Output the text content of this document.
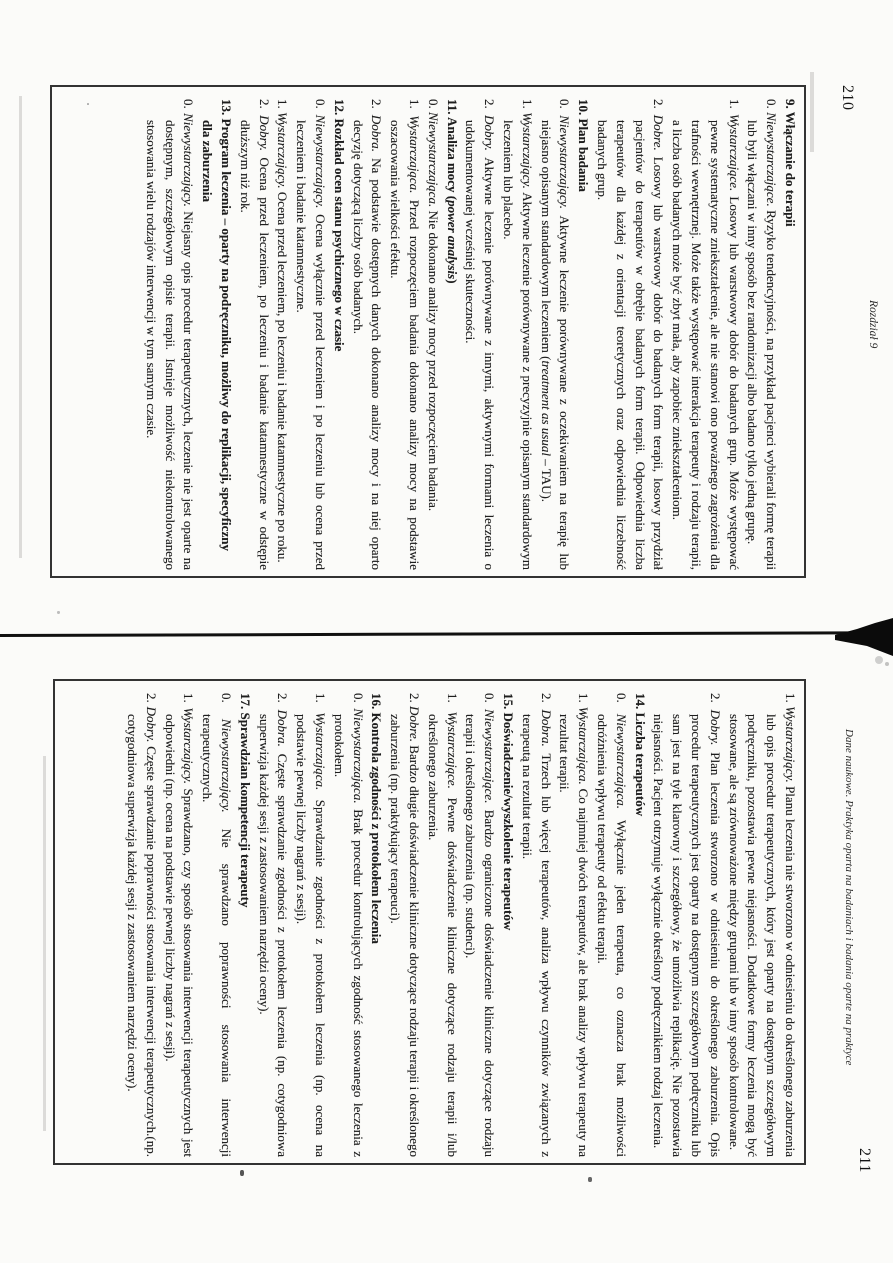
210
Rozdział 9
9. Włączanie do terapii
0. Niewystarczające. Ryzyko tendencyjności, na przykład pacjenci wybierali formę terapii lub byli włączani w inny sposób bez randomizacji albo badano tylko jedną grupę.
1. Wystarczające. Losowy lub warstwowy dobór do badanych grup. Może występować pewne systematyczne zniekształcenie, ale nie stanowi ono poważnego zagrożenia dla trafności wewnętrznej. Może także występować interakcja terapeuty i rodzaju terapii, a liczba osób badanych może być zbyt mała, aby zapobiec zniekształceniom.
2. Dobre. Losowy lub warstwowy dobór do badanych form terapii, losowy przydział pacjentów do terapeutów w obrębie badanych form terapii. Odpowiednia liczba terapeutów dla każdej z orientacji teoretycznych oraz odpowiednia liczebność badanych grup.
10. Plan badania
0. Niewystarczający. Aktywne leczenie porównywane z oczekiwaniem na terapię lub niejasno opisanym standardowym leczeniem (treatment as usual – TAU).
1. Wystarczający. Aktywne leczenie porównywane z precyzyjnie opisanym standardowym leczeniem lub placebo.
2. Dobry. Aktywne leczenie porównywane z innymi, aktywnymi formami leczenia o udokumentowanej wcześniej skuteczności.
11. Analiza mocy (power analysis)
0. Niewystarczająca. Nie dokonano analizy mocy przed rozpoczęciem badania.
1. Wystarczająca. Przed rozpoczęciem badania dokonano analizy mocy na podstawie oszacowania wielkości efektu.
2. Dobra. Na podstawie dostępnych danych dokonano analizy mocy i na niej oparto decyzję dotyczącą liczby osób badanych.
12. Rozkład ocen stanu psychicznego w czasie
0. Niewystarczający. Ocena wyłącznie przed leczeniem i po leczeniu lub ocena przed leczeniem i badanie katamnestyczne.
1. Wystarczający. Ocena przed leczeniem, po leczeniu i badanie katamnestyczne po roku.
2. Dobry. Ocena przed leczeniem, po leczeniu i badanie katamnestyczne w odstępie dłuższym niż rok.
13. Program leczenia – oparty na podręczniku, możliwy do replikacji, specyficzny dla zaburzenia
0. Niewystarczający. Niejasny opis procedur terapeutycznych, leczenie nie jest oparte na dostępnym, szczegółowym opisie terapii. Istnieje możliwość niekontrolowanego stosowania wielu rodzajów interwencji w tym samym czasie.
Dane naukowe. Praktyka oparta na badaniach i badania oparte na praktyce
211
1. Wystarczający. Planu leczenia nie stworzono w odniesieniu do określonego zaburzenia lub opis procedur terapeutycznych, który jest oparty na dostępnym szczegółowym podręczniku, pozostawia pewne niejasności. Dodatkowe formy leczenia mogą być stosowane, ale są zrównoważone między grupami lub w inny sposób kontrolowane.
2. Dobry. Plan leczenia stworzono w odniesieniu do określonego zaburzenia. Opis procedur terapeutycznych jest oparty na dostępnym szczegółowym podręczniku lub sam jest na tyle klarowny i szczegółowy, że umożliwia replikację. Nie pozostawia niejasności. Pacjent otrzymuje wyłącznie określony podręcznikiem rodzaj leczenia.
14. Liczba terapeutów
0. Niewystarczająca. Wyłącznie jeden terapeuta, co oznacza brak możliwości odróżnienia wpływu terapeuty od efektu terapii.
1. Wystarczająca. Co najmniej dwóch terapeutów, ale brak analizy wpływu terapeuty na rezultat terapii.
2. Dobra. Trzech lub więcej terapeutów, analiza wpływu czynników związanych z terapeutą na rezultat terapii.
15. Doświadczenie/wyszkolenie terapeutów
0. Niewystarczające. Bardzo ograniczone doświadczenie kliniczne dotyczące rodzaju terapii i określonego zaburzenia (np. studenci).
1. Wystarczające. Pewne doświadczenie kliniczne dotyczące rodzaju terapii i/lub określonego zaburzenia.
2. Dobre. Bardzo długie doświadczenie kliniczne dotyczące rodzaju terapii i określonego zaburzenia (np. praktykujący terapeuci).
16. Kontrola zgodności z protokołem leczenia
0. Niewystarczająca. Brak procedur kontrolujących zgodność stosowanego leczenia z protokołem.
1. Wystarczająca. Sprawdzanie zgodności z protokołem leczenia (np. ocena na podstawie pewnej liczby nagrań z sesji).
2. Dobra. Częste sprawdzanie zgodności z protokołem leczenia (np. cotygodniowa superwizja każdej sesji z zastosowaniem narzędzi oceny).
17. Sprawdzian kompetencji terapeuty
0. Niewystarczający. Nie sprawdzano poprawności stosowania interwencji terapeutycznych.
1. Wystarczający. Sprawdzano, czy sposób stosowania interwencji terapeutycznych jest odpowiedni (np. ocena na podstawie pewnej liczby nagrań z sesji).
2. Dobry. Częste sprawdzanie poprawności stosowania interwencji terapeutycznych.(np. cotygodniowa superwizja każdej sesji z zastosowaniem narzędzi oceny).
